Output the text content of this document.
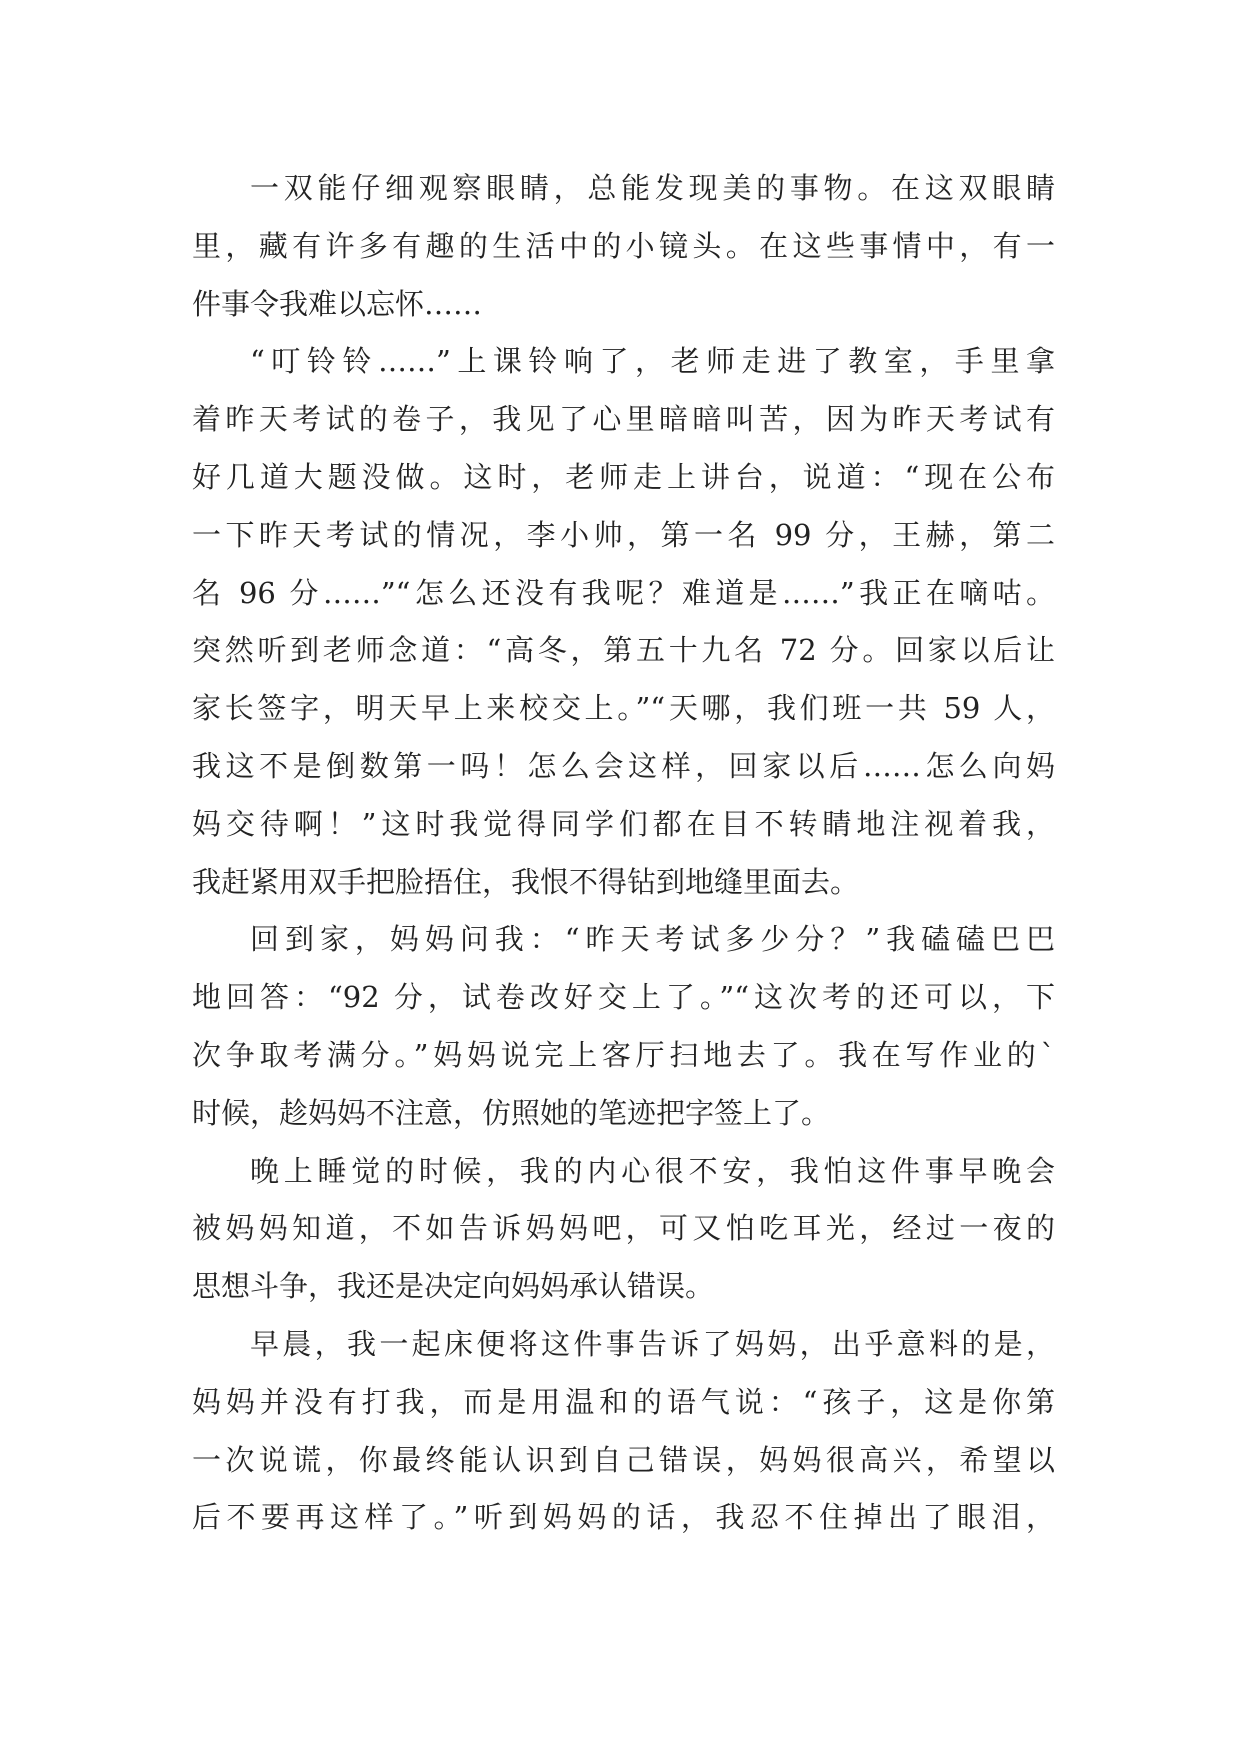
一双能仔细观察眼睛，总能发现美的事物。在这双眼睛
里，藏有许多有趣的生活中的小镜头。在这些事情中，有一
件事令我难以忘怀……
“叮铃铃……”上课铃响了，老师走进了教室，手里拿
着昨天考试的卷子，我见了心里暗暗叫苦，因为昨天考试有
好几道大题没做。这时，老师走上讲台，说道：“现在公布
一下昨天考试的情况，李小帅，第一名 99 分，王赫，第二
名 96 分……”“怎么还没有我呢？难道是……”我正在嘀咕。
突然听到老师念道：“高冬，第五十九名 72 分。回家以后让
家长签字，明天早上来校交上。”“天哪，我们班一共 59 人，
我这不是倒数第一吗！怎么会这样，回家以后……怎么向妈
妈交待啊！”这时我觉得同学们都在目不转睛地注视着我，
我赶紧用双手把脸捂住，我恨不得钻到地缝里面去。
回到家，妈妈问我：“昨天考试多少分？”我磕磕巴巴
地回答：“92 分，试卷改好交上了。”“这次考的还可以，下
次争取考满分。”妈妈说完上客厅扫地去了。我在写作业的`
时候，趁妈妈不注意，仿照她的笔迹把字签上了。
晚上睡觉的时候，我的内心很不安，我怕这件事早晚会
被妈妈知道，不如告诉妈妈吧，可又怕吃耳光，经过一夜的
思想斗争，我还是决定向妈妈承认错误。
早晨，我一起床便将这件事告诉了妈妈，出乎意料的是，
妈妈并没有打我，而是用温和的语气说：“孩子，这是你第
一次说谎，你最终能认识到自己错误，妈妈很高兴，希望以
后不要再这样了。”听到妈妈的话，我忍不住掉出了眼泪，
